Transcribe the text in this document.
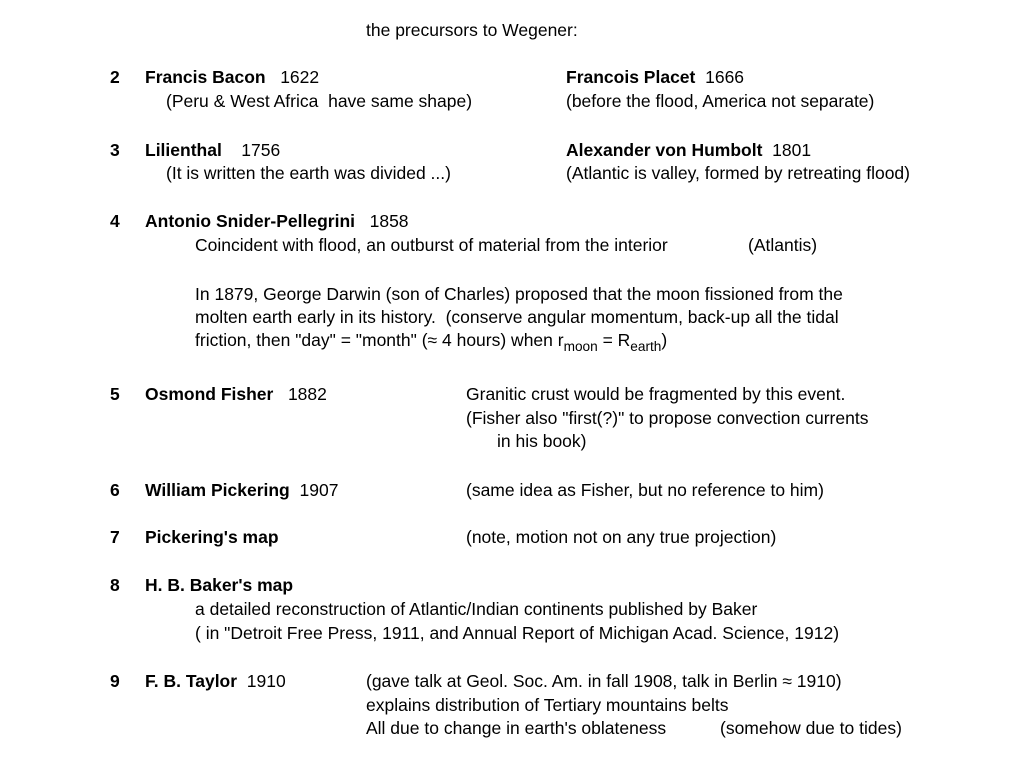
the precursors to Wegener:
2 Francis Bacon 1622
(Peru & West Africa  have same shape)
Francois Placet 1666
(before the flood, America not separate)
3 Lilienthal 1756
(It is written the earth was divided ...)
Alexander von Humbolt 1801
(Atlantic is valley, formed by retreating flood)
4 Antonio Snider-Pellegrini 1858
Coincident with flood, an outburst of material from the interior	(Atlantis)
In 1879, George Darwin (son of Charles) proposed that the moon fissioned from the
molten earth early in its history.  (conserve angular momentum, back-up all the tidal
friction, then "day" = "month" (≈ 4 hours) when $r_{moon} = R_{earth}$)
5 Osmond Fisher 1882	Granitic crust would be fragmented by this event.
(Fisher also "first(?)" to propose convection currents
in his book)
6 William Pickering 1907	(same idea as Fisher, but no reference to him)
7 Pickering's map	(note, motion not on any true projection)
8 H. B. Baker's map
a detailed reconstruction of Atlantic/Indian continents published by Baker
( in "Detroit Free Press, 1911, and Annual Report of Michigan Acad. Science, 1912)
9 F. B. Taylor 1910	(gave talk at Geol. Soc. Am. in fall 1908, talk in Berlin ≈ 1910)
explains distribution of Tertiary mountains belts
All due to change in earth's oblateness	(somehow due to tides)
